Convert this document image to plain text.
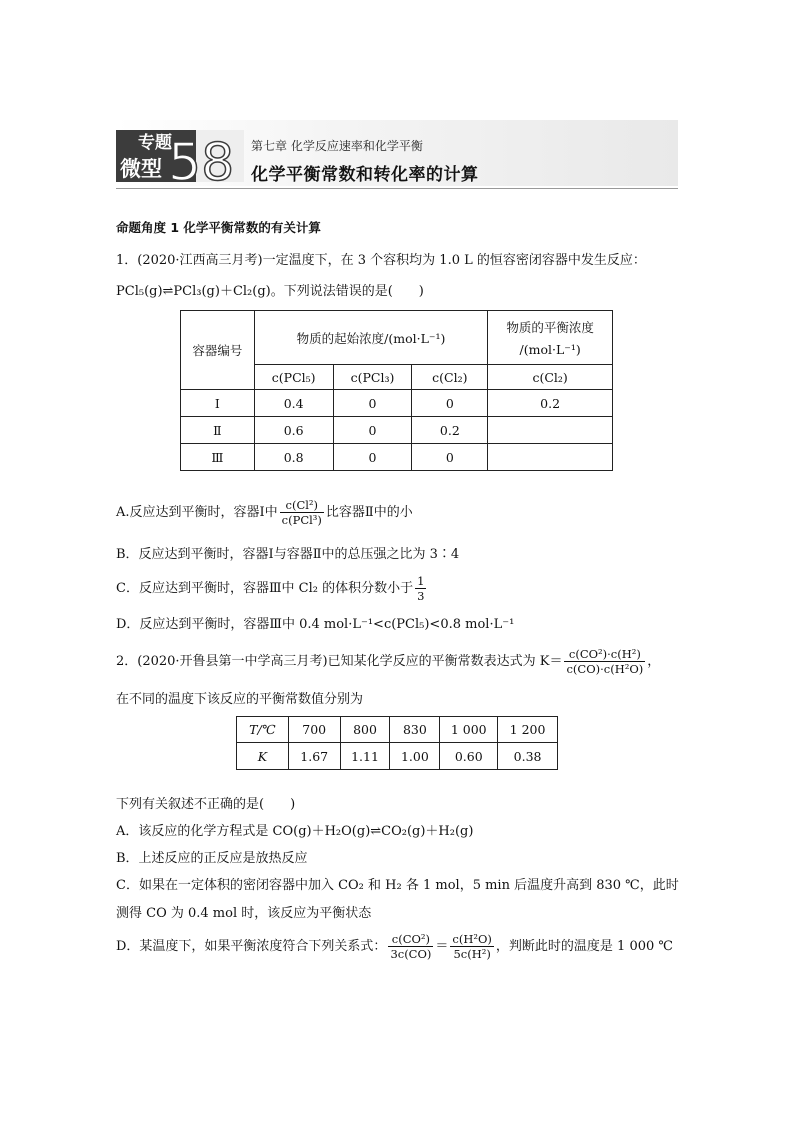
专题
微型 58 第七章 化学反应速率和化学平衡
化学平衡常数和转化率的计算
命题角度 1 化学平衡常数的有关计算
1．(2020·江西高三月考)一定温度下，在 3 个容积均为 1.0 L 的恒容密闭容器中发生反应：
PCl₅(g)⇌PCl₃(g)＋Cl₂(g)。下列说法错误的是(　　)
容器编号	物质的起始浓度/(mol·L⁻¹)			物质的平衡浓度
/(mol·L⁻¹)

	c(PCl₅)	c(PCl₃)	c(Cl₂)	c(Cl₂)
Ⅰ	0.4	0	0	0.2
Ⅱ	0.6	0	0.2	
Ⅲ	0.8	0	0	
A.反应达到平衡时，容器Ⅰ中 $\frac{\text{c(Cl²)}}{\text{c(PCl³)}}$ 比容器Ⅱ中的小
B．反应达到平衡时，容器Ⅰ与容器Ⅱ中的总压强之比为 3∶4
C．反应达到平衡时，容器Ⅲ中 Cl₂ 的体积分数小于 $\frac{1}{3}$
D．反应达到平衡时，容器Ⅲ中 0.4 mol·L⁻¹<c(PCl₅)<0.8 mol·L⁻¹
2．(2020·开鲁县第一中学高三月考)已知某化学反应的平衡常数表达式为 $K= \frac{\text{c(CO²)·c(H²)}}{\text{c(CO)·c(H²O)}}$ ，
在不同的温度下该反应的平衡常数值分别为
T/℃	700	800	830	1 000	1 200
K	1.67	1.11	1.00	0.60	0.38
下列有关叙述不正确的是(　　)
A．该反应的化学方程式是 CO(g)＋H₂O(g)⇌CO₂(g)＋H₂(g)
B．上述反应的正反应是放热反应
C．如果在一定体积的密闭容器中加入 CO₂ 和 H₂ 各 1 mol，5 min 后温度升高到 830 ℃，此时
测得 CO 为 0.4 mol 时，该反应为平衡状态
D．某温度下，如果平衡浓度符合下列关系式： $\frac{\text{c(CO²)}}{3c(CO)} = \frac{\text{c(H²O)}}{\text{5c(H²)}}$ ，判断此时的温度是 1 000 ℃
